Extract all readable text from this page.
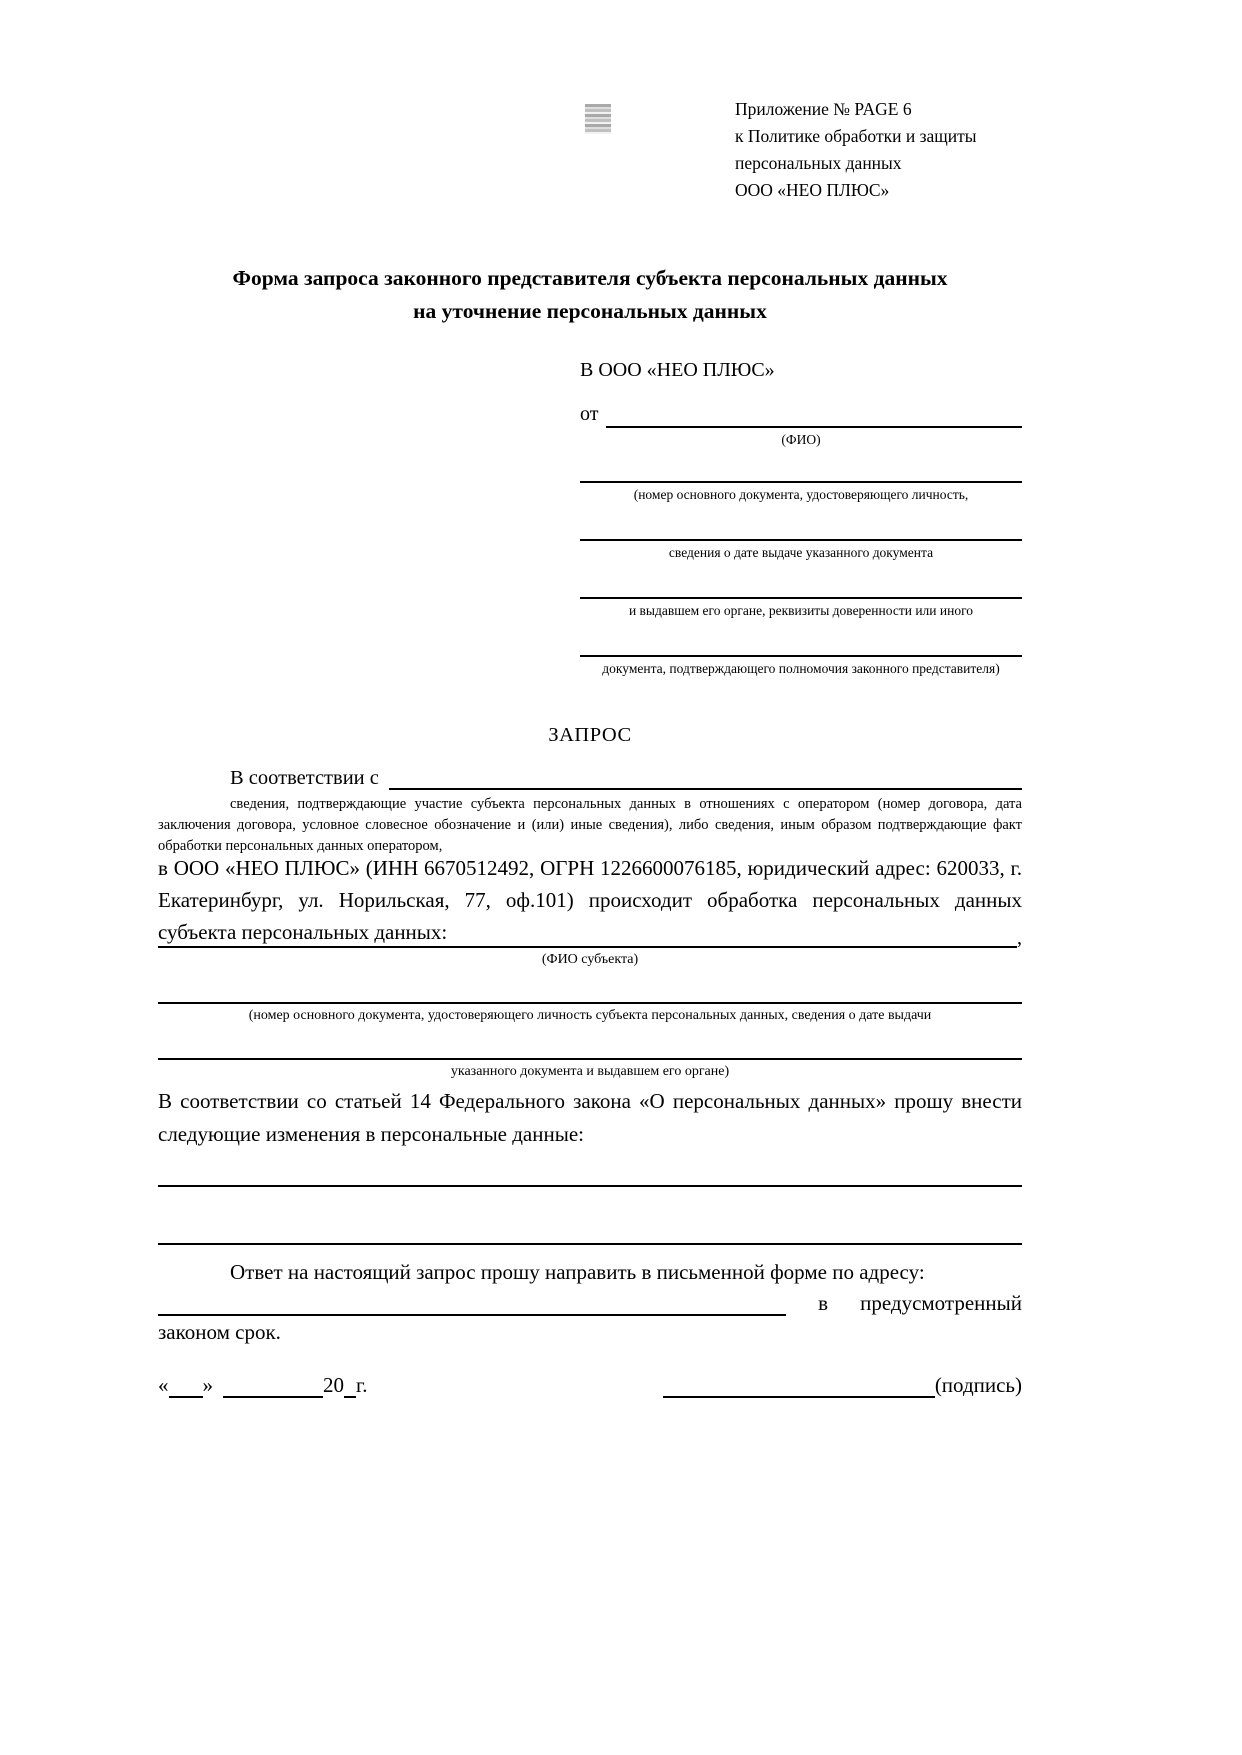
Приложение № PAGE 6
к Политике обработки и защиты
персональных данных
ООО «НЕО ПЛЮС»
Форма запроса законного представителя субъекта персональных данных
на уточнение персональных данных
В ООО «НЕО ПЛЮС»
от
(ФИО)
(номер основного документа, удостоверяющего личность,
сведения о дате выдаче указанного документа
и выдавшем его органе, реквизиты доверенности или иного
документа, подтверждающего полномочия законного представителя)
ЗАПРОС
В соответствии с
сведения, подтверждающие участие субъекта персональных данных в отношениях с оператором (номер договора, дата заключения договора, условное словесное обозначение и (или) иные сведения), либо сведения, иным образом подтверждающие факт обработки персональных данных оператором,
в ООО «НЕО ПЛЮС» (ИНН 6670512492, ОГРН 1226600076185, юридический адрес: 620033, г. Екатеринбург, ул. Норильская, 77, оф.101) происходит обработка персональных данных субъекта персональных данных:	,
(ФИО субъекта)
(номер основного документа, удостоверяющего личность субъекта персональных данных, сведения о дате выдачи
указанного документа и выдавшем его органе)
В соответствии со статьей 14 Федерального закона «О персональных данных» прошу внести следующие изменения в персональные данные:
Ответ на настоящий запрос прошу направить в письменной форме по адресу:
в предусмотренный
законом срок.
« »	20 г.	(подпись)
